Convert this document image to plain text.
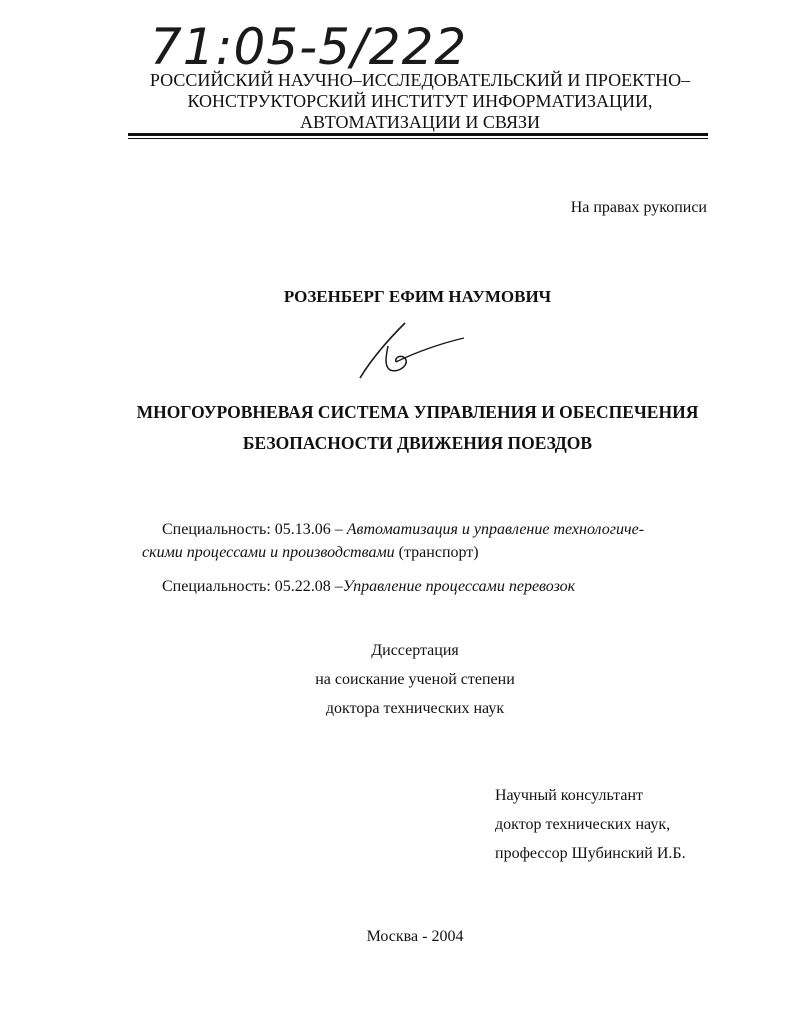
71:05-5/222
РОССИЙСКИЙ НАУЧНО–ИССЛЕДОВАТЕЛЬСКИЙ И ПРОЕКТНО–
КОНСТРУКТОРСКИЙ ИНСТИТУТ ИНФОРМАТИЗАЦИИ,
АВТОМАТИЗАЦИИ И СВЯЗИ
На правах рукописи
РОЗЕНБЕРГ ЕФИМ НАУМОВИЧ
МНОГОУРОВНЕВАЯ СИСТЕМА УПРАВЛЕНИЯ И ОБЕСПЕЧЕНИЯ
БЕЗОПАСНОСТИ ДВИЖЕНИЯ ПОЕЗДОВ
Специальность: 05.13.06 – Автоматизация и управление технологиче-
скими процессами и производствами (транспорт)
Специальность: 05.22.08 –Управление процессами перевозок
Диссертация
на соискание ученой степени
доктора технических наук
Научный консультант
доктор технических наук,
профессор Шубинский И.Б.
Москва - 2004
